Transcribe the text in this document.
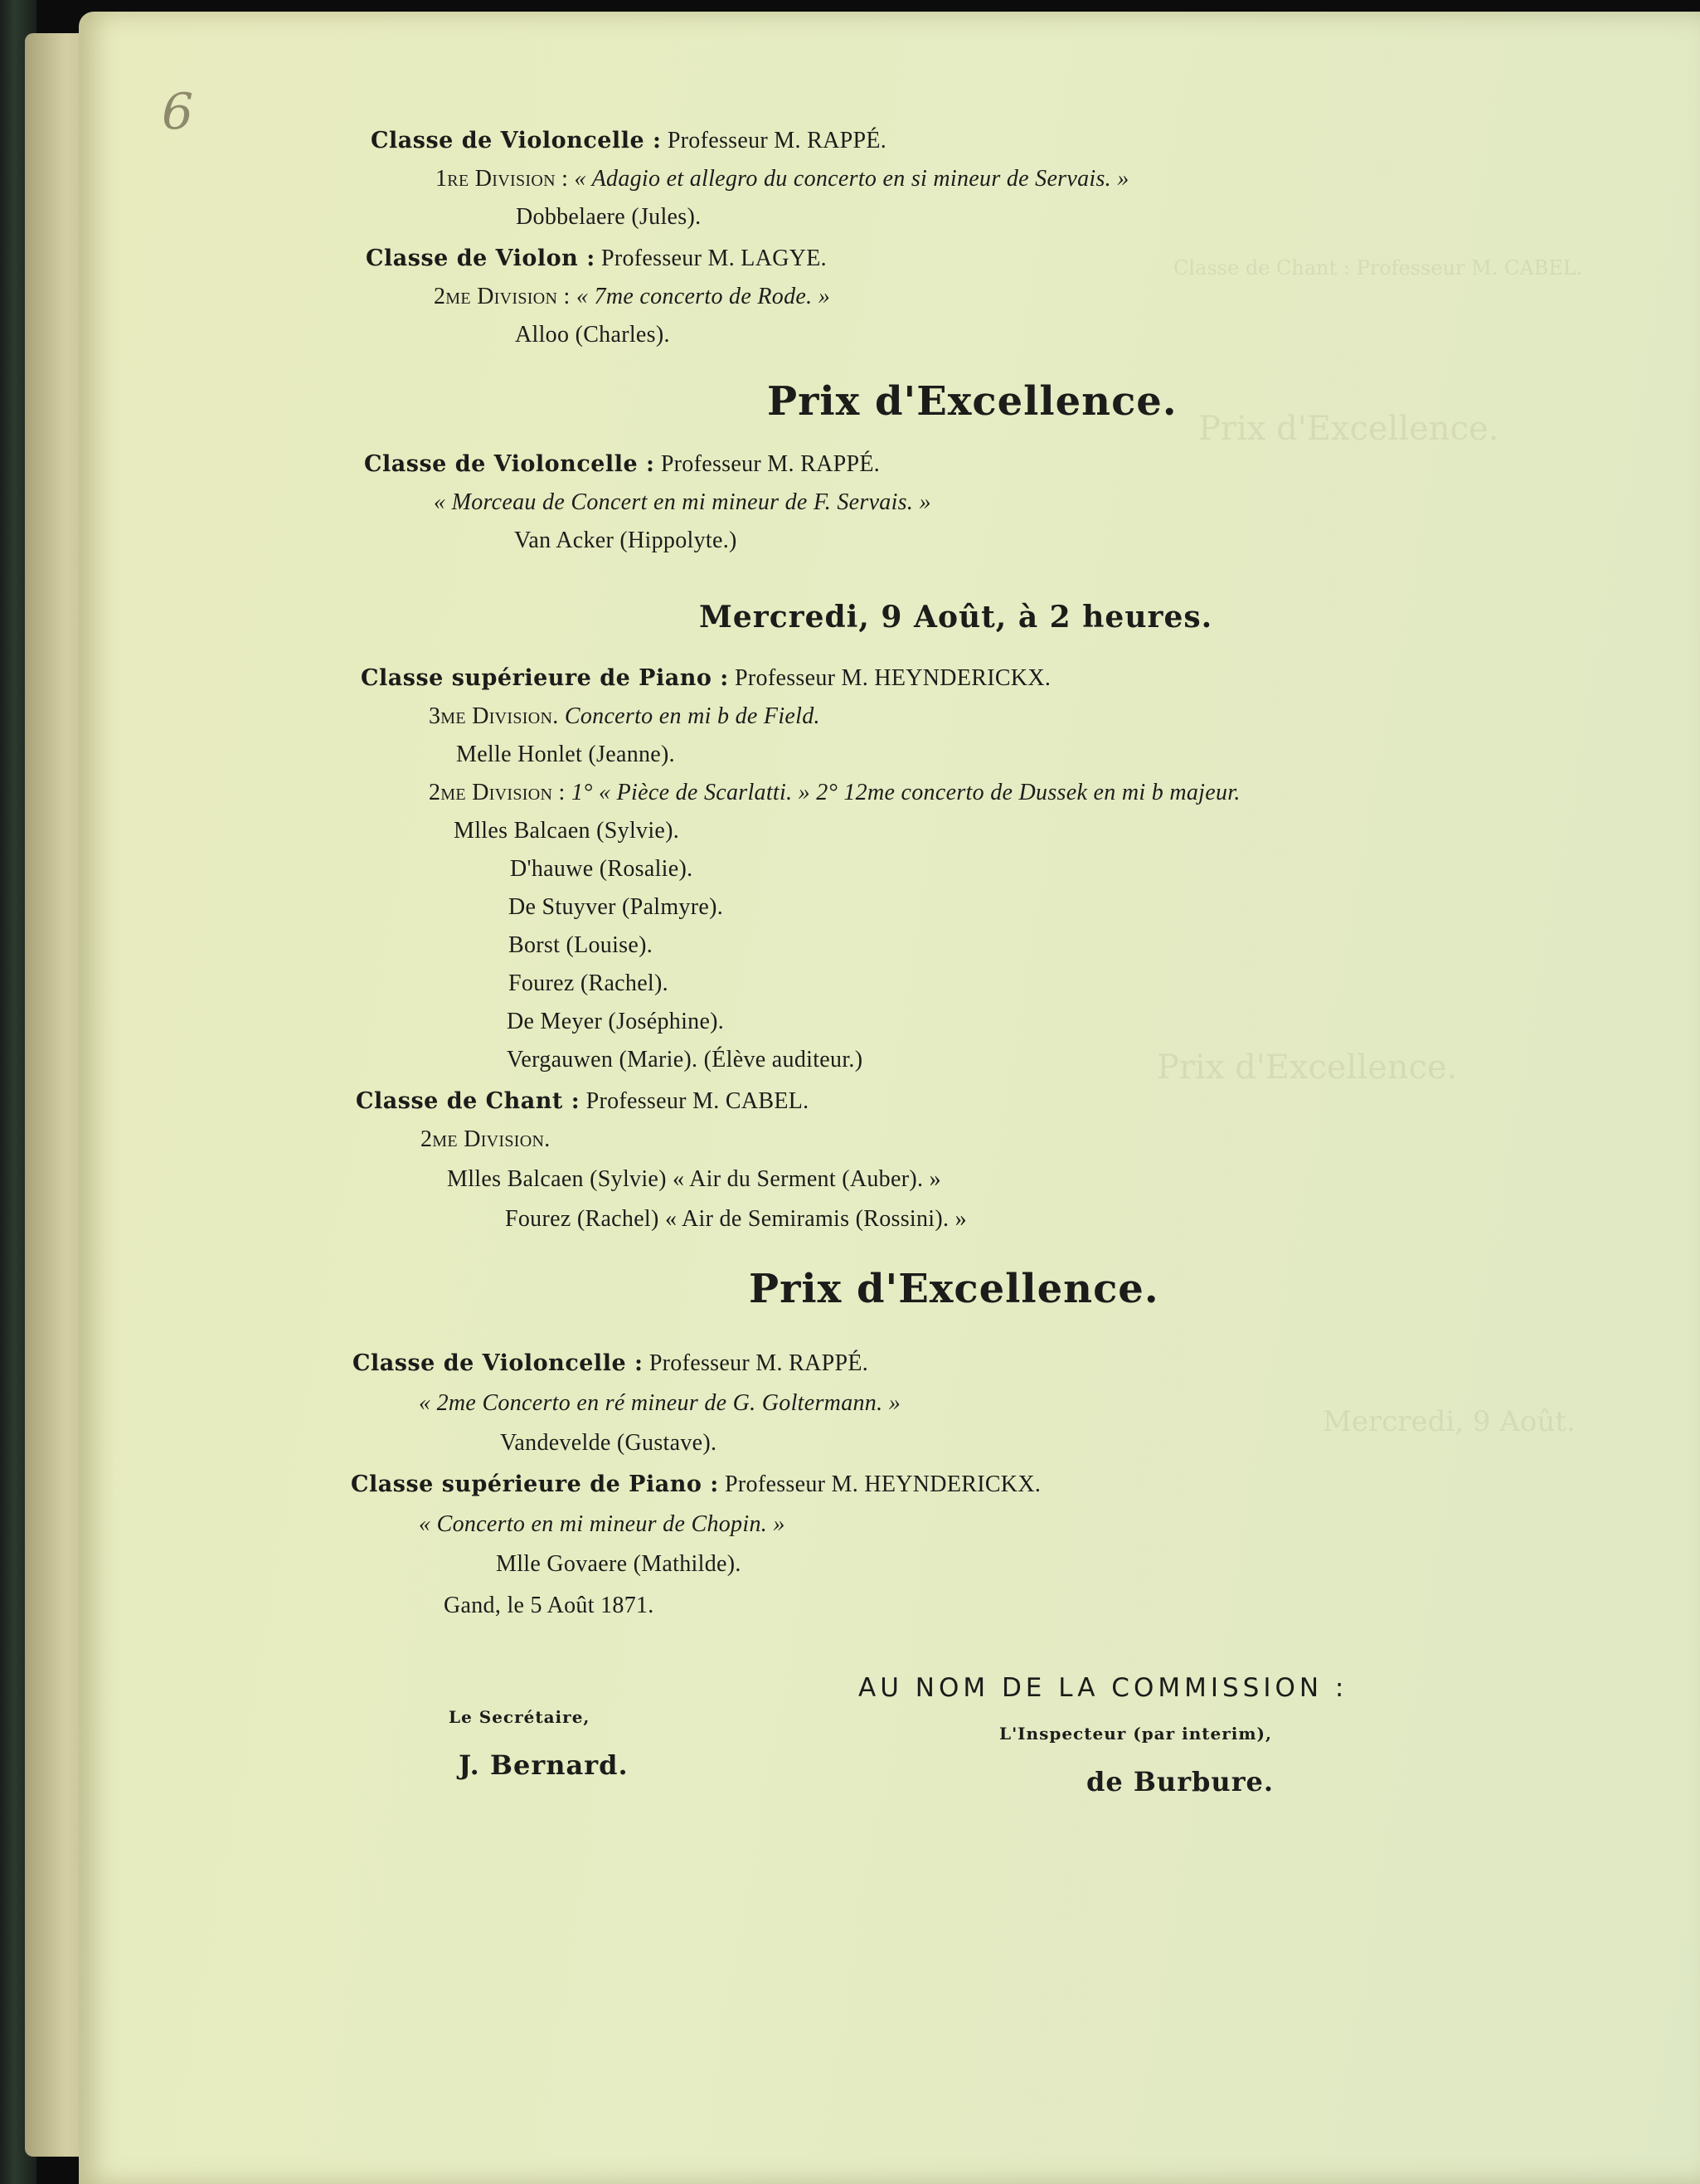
Classe de Chant : Professeur M. CABEL.
Prix d'Excellence.
Prix d'Excellence.
Mercredi, 9 Août.
6	Classe de Violoncelle : Professeur M. RAPPÉ.
1re Division : « Adagio et allegro du concerto en si mineur de Servais. »
Dobbelaere (Jules).
Classe de Violon : Professeur M. LAGYE.
2me Division : « 7me concerto de Rode. »
Alloo (Charles).
Prix d'Excellence.
Classe de Violoncelle : Professeur M. RAPPÉ.
« Morceau de Concert en mi mineur de F. Servais. »
Van Acker (Hippolyte.)
Mercredi, 9 Août, à 2 heures.
Classe supérieure de Piano : Professeur M. HEYNDERICKX.
3me Division. Concerto en mi b de Field.
Melle Honlet (Jeanne).
2me Division : 1° « Pièce de Scarlatti. » 2° 12me concerto de Dussek en mi b majeur.
Mlles Balcaen (Sylvie).
D'hauwe (Rosalie).
De Stuyver (Palmyre).
Borst (Louise).
Fourez (Rachel).
De Meyer (Joséphine).
Vergauwen (Marie). (Élève auditeur.)
Classe de Chant : Professeur M. CABEL.
2me Division.
Mlles Balcaen (Sylvie) « Air du Serment (Auber). »
Fourez (Rachel) « Air de Semiramis (Rossini). »
Prix d'Excellence.
Classe de Violoncelle : Professeur M. RAPPÉ.
« 2me Concerto en ré mineur de G. Goltermann. »
Vandevelde (Gustave).
Classe supérieure de Piano : Professeur M. HEYNDERICKX.
« Concerto en mi mineur de Chopin. »
Mlle Govaere (Mathilde).
Gand, le 5 Août 1871.
AU NOM DE LA COMMISSION :
Le Secrétaire,
L'Inspecteur (par interim),
J. Bernard.
de Burbure.
